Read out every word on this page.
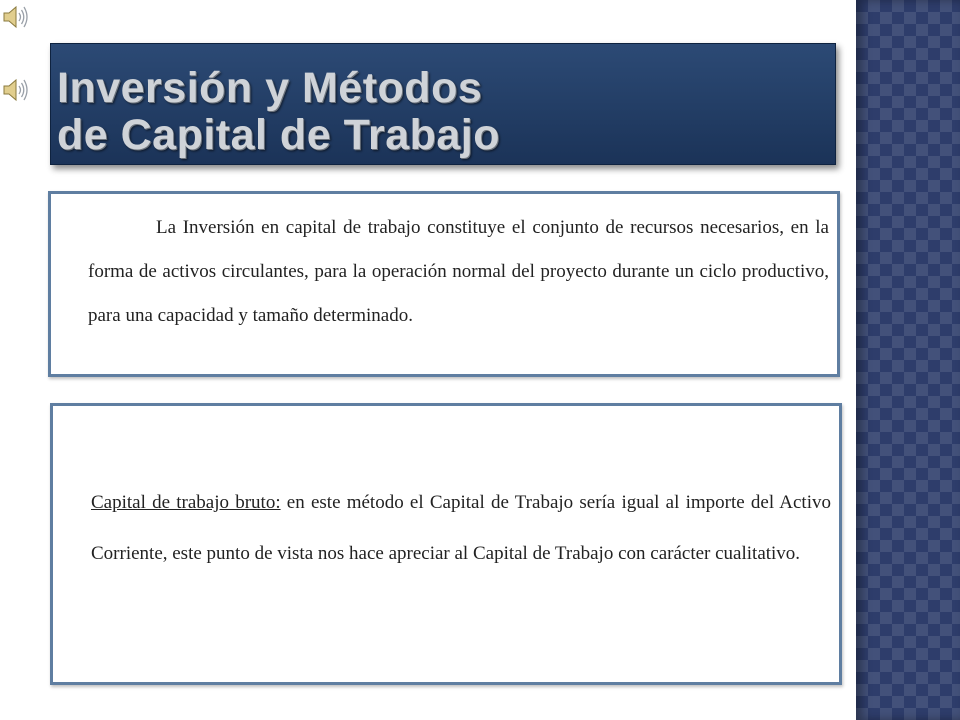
Inversión y Métodos
de Capital de Trabajo
La Inversión en capital de trabajo constituye el conjunto de recursos necesarios, en la forma de activos circulantes, para la operación normal del proyecto durante un ciclo productivo, para una capacidad y tamaño determinado.
Capital de trabajo bruto: en este método el Capital de Trabajo sería igual al importe del Activo Corriente, este punto de vista nos hace apreciar al Capital de Trabajo con carácter cualitativo.
